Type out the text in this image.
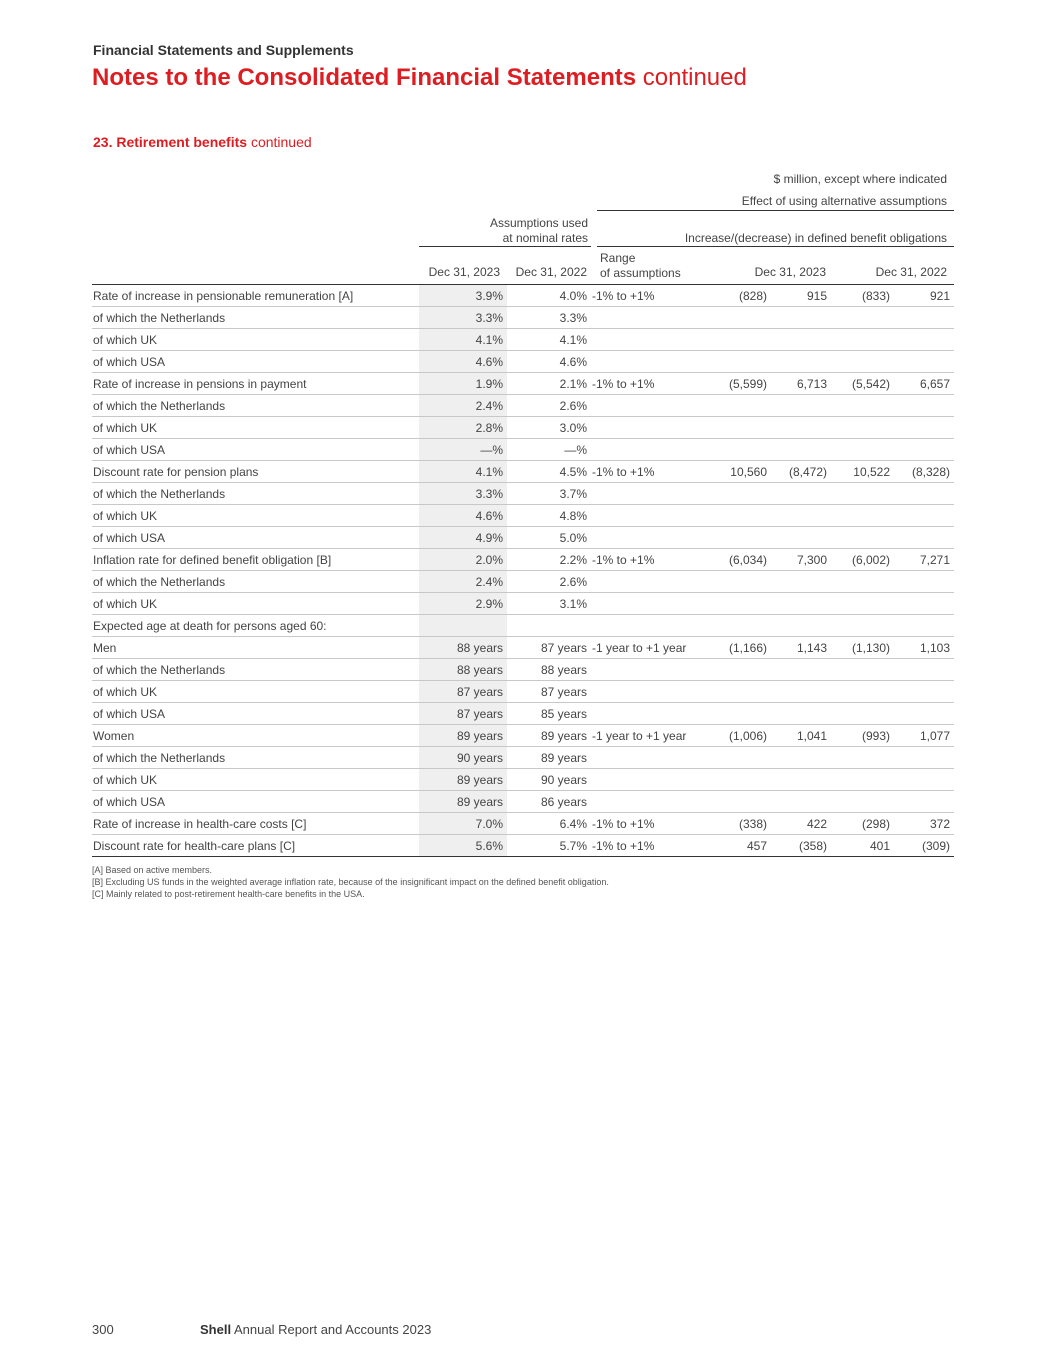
Financial Statements and Supplements
Notes to the Consolidated Financial Statements continued
23. Retirement benefits continued
$ million, except where indicated
Effect of using alternative assumptions
Assumptions used
at nominal rates	Increase/(decrease) in defined benefit obligations
Dec 31, 2023 Dec 31, 2022
Range
of assumptions	Dec 31, 2023	Dec 31, 2022
Rate of increase in pensionable remuneration [A]	3.9%	4.0%	-1% to +1%	(828)	915	(833)	921
of which the Netherlands	3.3%	3.3%					
of which UK	4.1%	4.1%					
of which USA	4.6%	4.6%					
Rate of increase in pensions in payment	1.9%	2.1%	-1% to +1%	(5,599)	6,713	(5,542)	6,657
of which the Netherlands	2.4%	2.6%					
of which UK	2.8%	3.0%					
of which USA	—%	—%					
Discount rate for pension plans	4.1%	4.5%	-1% to +1%	10,560	(8,472)	10,522	(8,328)
of which the Netherlands	3.3%	3.7%					
of which UK	4.6%	4.8%					
of which USA	4.9%	5.0%					
Inflation rate for defined benefit obligation [B]	2.0%	2.2%	-1% to +1%	(6,034)	7,300	(6,002)	7,271
of which the Netherlands	2.4%	2.6%					
of which UK	2.9%	3.1%					
Expected age at death for persons aged 60:							
Men	88 years	87 years	-1 year to +1 year	(1,166)	1,143	(1,130)	1,103
of which the Netherlands	88 years	88 years					
of which UK	87 years	87 years					
of which USA	87 years	85 years					
Women	89 years	89 years	-1 year to +1 year	(1,006)	1,041	(993)	1,077
of which the Netherlands	90 years	89 years					
of which UK	89 years	90 years					
of which USA	89 years	86 years					
Rate of increase in health-care costs [C]	7.0%	6.4%	-1% to +1%	(338)	422	(298)	372
Discount rate for health-care plans [C]	5.6%	5.7%	-1% to +1%	457	(358)	401	(309)
[A] Based on active members.
[B] Excluding US funds in the weighted average inflation rate, because of the insignificant impact on the defined benefit obligation.
[C] Mainly related to post-retirement health-care benefits in the USA.
300	Shell Annual Report and Accounts 2023
